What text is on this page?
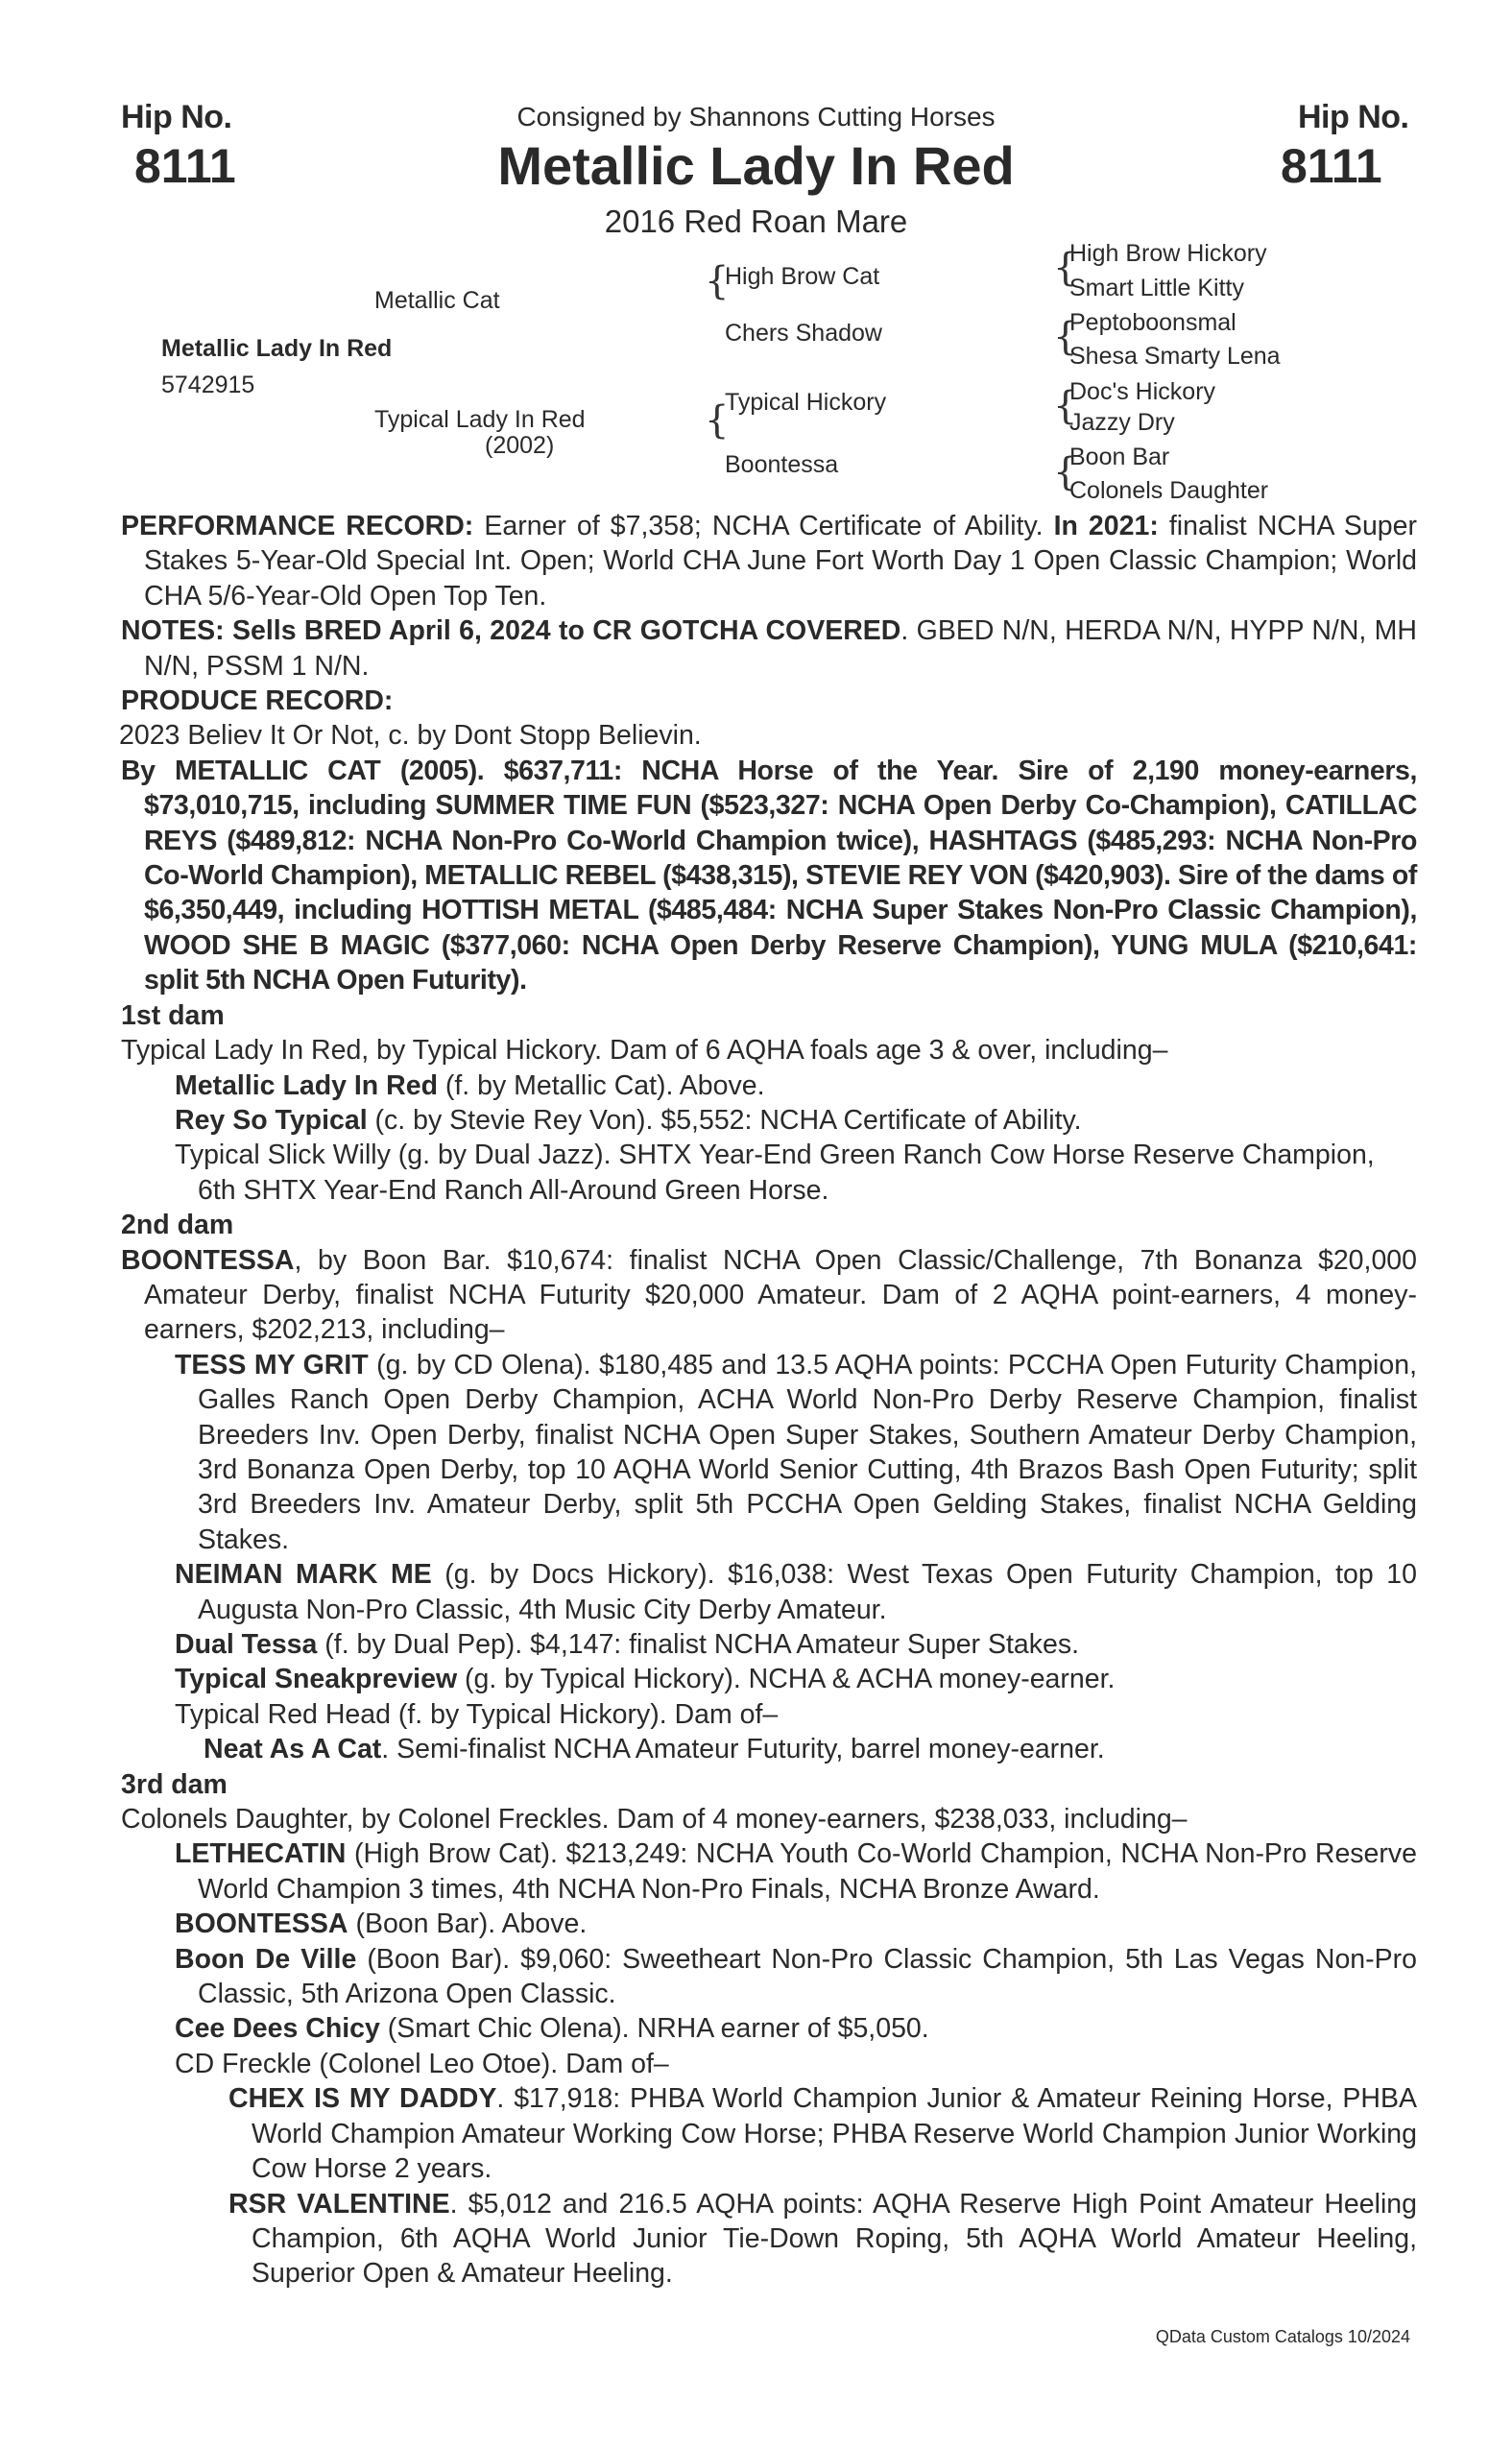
Hip No.
8111
Hip No.
8111
Consigned by Shannons Cutting Horses
Metallic Lady In Red
2016 Red Roan Mare
Metallic Lady In Red
5742915
Metallic Cat
Typical Lady In Red
(2002)
{
High Brow Cat
Chers Shadow
{
Typical Hickory
Boontessa
{
High Brow Hickory
Smart Little Kitty
{
Peptoboonsmal
Shesa Smarty Lena
{
Doc's Hickory
Jazzy Dry
{
Boon Bar
Colonels Daughter

PERFORMANCE RECORD: Earner of $7,358; NCHA Certificate of Ability. In 2021: finalist NCHA Super Stakes 5-Year-Old Special Int. Open; World CHA June Fort Worth Day 1 Open Classic Champion; World CHA 5/6-Year-Old Open Top Ten.

NOTES: Sells BRED April 6, 2024 to CR GOTCHA COVERED. GBED N/N, HERDA N/N, HYPP N/N, MH N/N, PSSM 1 N/N.

PRODUCE RECORD:

2023 Believ It Or Not, c. by Dont Stopp Believin.

By METALLIC CAT (2005). $637,711: NCHA Horse of the Year. Sire of 2,190 money-earners, $73,010,715, including SUMMER TIME FUN ($523,327: NCHA Open Derby Co-Champion), CATILLAC REYS ($489,812: NCHA Non-Pro Co-World Champion twice), HASHTAGS ($485,293: NCHA Non-Pro Co-World Champion), METALLIC REBEL ($438,315), STEVIE REY VON ($420,903). Sire of the dams of $6,350,449, including HOTTISH METAL ($485,484: NCHA Super Stakes Non-Pro Classic Champion), WOOD SHE B MAGIC ($377,060: NCHA Open Derby Reserve Champion), YUNG MULA ($210,641: split 5th NCHA Open Futurity).

1st dam

Typical Lady In Red, by Typical Hickory. Dam of 6 AQHA foals age 3 & over, including–

Metallic Lady In Red (f. by Metallic Cat). Above.

Rey So Typical (c. by Stevie Rey Von). $5,552: NCHA Certificate of Ability.

Typical Slick Willy (g. by Dual Jazz). SHTX Year-End Green Ranch Cow Horse Reserve Champion, 6th SHTX Year-End Ranch All-Around Green Horse.

2nd dam

BOONTESSA, by Boon Bar. $10,674: finalist NCHA Open Classic/Challenge, 7th Bonanza $20,000 Amateur Derby, finalist NCHA Futurity $20,000 Amateur. Dam of 2 AQHA point-earners, 4 money-earners, $202,213, including–

TESS MY GRIT (g. by CD Olena). $180,485 and 13.5 AQHA points: PCCHA Open Futurity Champion, Galles Ranch Open Derby Champion, ACHA World Non-Pro Derby Reserve Champion, finalist Breeders Inv. Open Derby, finalist NCHA Open Super Stakes, Southern Amateur Derby Champion, 3rd Bonanza Open Derby, top 10 AQHA World Senior Cutting, 4th Brazos Bash Open Futurity; split 3rd Breeders Inv. Amateur Derby, split 5th PCCHA Open Gelding Stakes, finalist NCHA Gelding Stakes.

NEIMAN MARK ME (g. by Docs Hickory). $16,038: West Texas Open Futurity Champion, top 10 Augusta Non-Pro Classic, 4th Music City Derby Amateur.

Dual Tessa (f. by Dual Pep). $4,147: finalist NCHA Amateur Super Stakes.

Typical Sneakpreview (g. by Typical Hickory). NCHA & ACHA money-earner.

Typical Red Head (f. by Typical Hickory). Dam of–

Neat As A Cat. Semi-finalist NCHA Amateur Futurity, barrel money-earner.

3rd dam

Colonels Daughter, by Colonel Freckles. Dam of 4 money-earners, $238,033, including–

LETHECATIN (High Brow Cat). $213,249: NCHA Youth Co-World Champion, NCHA Non-Pro Reserve World Champion 3 times, 4th NCHA Non-Pro Finals, NCHA Bronze Award.

BOONTESSA (Boon Bar). Above.

Boon De Ville (Boon Bar). $9,060: Sweetheart Non-Pro Classic Champion, 5th Las Vegas Non-Pro Classic, 5th Arizona Open Classic.

Cee Dees Chicy (Smart Chic Olena). NRHA earner of $5,050.

CD Freckle (Colonel Leo Otoe). Dam of–

CHEX IS MY DADDY. $17,918: PHBA World Champion Junior & Amateur Reining Horse, PHBA World Champion Amateur Working Cow Horse; PHBA Reserve World Champion Junior Working Cow Horse 2 years.

RSR VALENTINE. $5,012 and 216.5 AQHA points: AQHA Reserve High Point Amateur Heeling Champion, 6th AQHA World Junior Tie-Down Roping, 5th AQHA World Amateur Heeling, Superior Open & Amateur Heeling.

QData Custom Catalogs 10/2024
